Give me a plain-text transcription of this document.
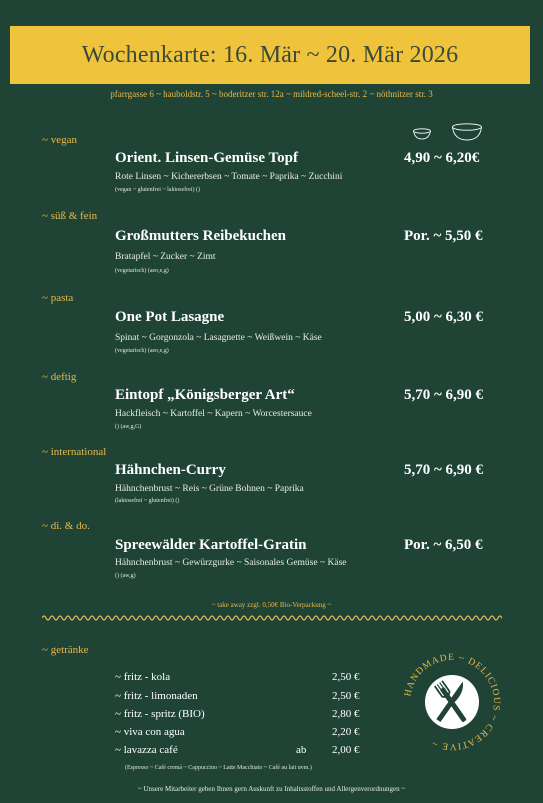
Wochenkarte: 16. Mär ~ 20. Mär 2026
pfarrgasse 6 ~ hauboldstr. 5 ~ boderitzer str. 12a ~ mildred-scheel-str. 2 ~ nöthnitzer str. 3
~ vegan
Orient. Linsen-Gemüse Topf	4,90 ~ 6,20€
Rote Linsen ~ Kichererbsen ~ Tomate ~ Paprika ~ Zucchini
(vegan ~ glutenfrei ~ laktosefrei) ()
~ süß & fein
Großmutters Reibekuchen	Por. ~ 5,50 €
Bratapfel ~ Zucker ~ Zimt
(vegetarisch) (aeo,e,g)
~ pasta
One Pot Lasagne	5,00 ~ 6,30 €
Spinat ~ Gorgonzola ~ Lasagnette ~ Weißwein ~ Käse
(vegetarisch) (aeo,e,g)
~ deftig
Eintopf „Königsberger Art“	5,70 ~ 6,90 €
Hackfleisch ~ Kartoffel ~ Kapern ~ Worcestersauce
() (aw,g,G)
~ international
Hähnchen-Curry	5,70 ~ 6,90 €
Hähnchenbrust ~ Reis ~ Grüne Bohnen ~ Paprika
(laktosefrei ~ glutenfrei) ()
~ di. & do.
Spreewälder Kartoffel-Gratin	Por. ~ 6,50 €
Hähnchenbrust ~ Gewürzgurke ~ Saisonales Gemüse ~ Käse
() (aw,g)
~ take away zzgl. 0,50€ Bio-Verpackung ~
~ getränke
~ fritz - kola	2,50 €
~ fritz - limonaden	2,50 €
~ fritz - spritz (BIO)	2,80 €
~ viva con agua	2,20 €
~ lavazza café	ab 2,00 €
(Espresso ~ Café cremá ~ Cappuccino ~ Latte Macchiato ~ Café au lait uvm.)
HANDMADE ~ DELICIOUS ~ CREATIVE ~
~ Unsere Mitarbeiter geben Ihnen gern Auskunft zu Inhaltsstoffen und Allergenverordnungen ~
